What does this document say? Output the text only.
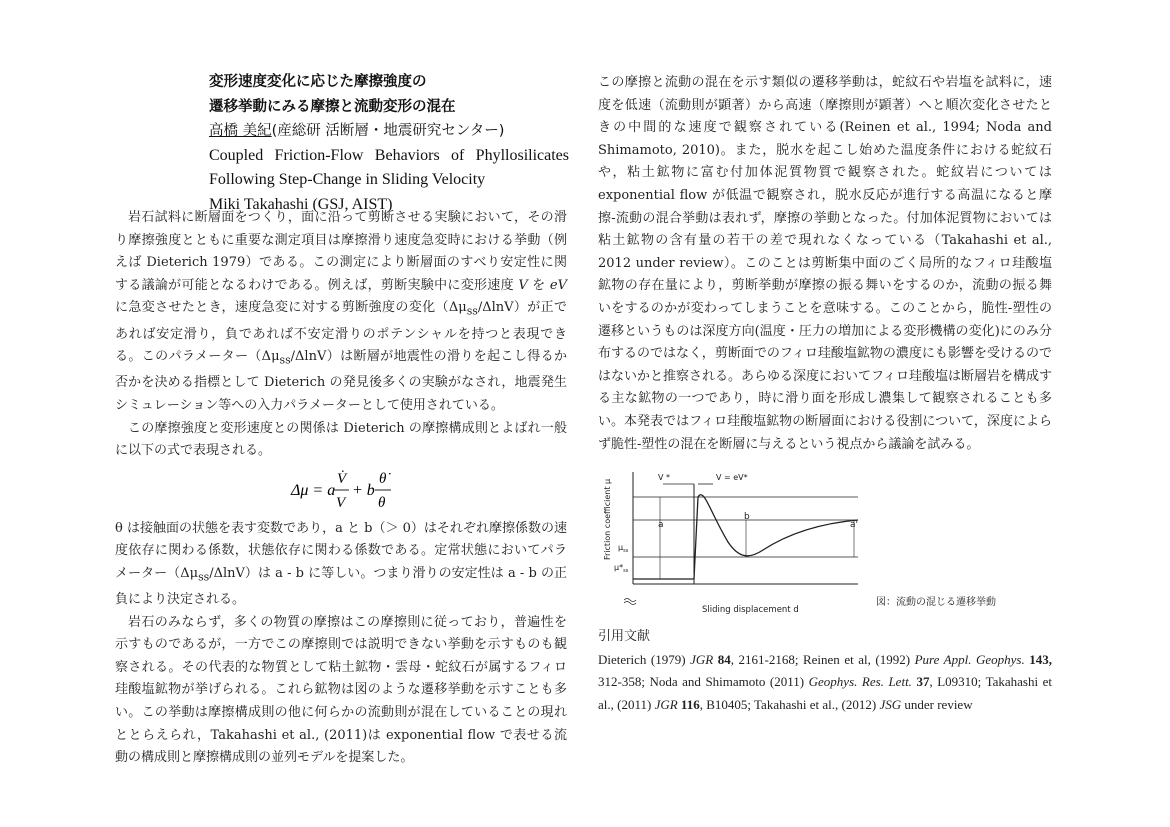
変形速度変化に応じた摩擦強度の
遷移挙動にみる摩擦と流動変形の混在
高橋 美紀(産総研 活断層・地震研究センター)
Coupled Friction-Flow Behaviors of Phyllosilicates
Following Step-Change in Sliding Velocity
Miki Takahashi (GSJ, AIST)

岩石試料に断層面をつくり，面に沿って剪断させる実験において，その滑り摩擦強度とともに重要な測定項目は摩擦滑り速度急変時における挙動（例えば Dieterich 1979）である。この測定により断層面のすべり安定性に関する議論が可能となるわけである。例えば，剪断実験中に変形速度 V を eV に急変させたとき，速度急変に対する剪断強度の変化$(\Delta\mu_{ss}/\Delta\ln V)$が正であれば安定滑り，負であれば不安定滑りのポテンシャルを持つと表現できる。このパラメーター$(\Delta\mu_{ss}/\Delta\ln V)$は断層が地震性の滑りを起こし得るか否かを決める指標として Dieterich の発見後多くの実験がなされ，地震発生シミュレーション等への入力パラメーターとして使用されている。

この摩擦強度と変形速度との関係は Dieterich の摩擦構成則とよばれ一般に以下の式で表現される。

Δμ = a
V̇
V
+ b
θ̇
θ

θ は接触面の状態を表す変数であり，a と b（＞ 0）はそれぞれ摩擦係数の速度依存に関わる係数，状態依存に関わる係数である。定常状態においてパラメーター$(\Delta\mu_{ss}/\Delta\ln V)$は a - b に等しい。つまり滑りの安定性は a - b の正負により決定される。

岩石のみならず，多くの物質の摩擦はこの摩擦則に従っており，普遍性を示すものであるが，一方でこの摩擦則では説明できない挙動を示すものも観察される。その代表的な物質として粘土鉱物・雲母・蛇紋石が属するフィロ珪酸塩鉱物が挙げられる。これら鉱物は図のような遷移挙動を示すことも多い。この挙動は摩擦構成則の他に何らかの流動則が混在していることの現れととらえられ，Takahashi et al., (2011)は exponential flow で表せる流動の構成則と摩擦構成則の並列モデルを提案した。

この摩擦と流動の混在を示す類似の遷移挙動は，蛇紋石や岩塩を試料に，速度を低速（流動則が顕著）から高速（摩擦則が顕著）へと順次変化させたときの中間的な速度で観察されている(Reinen et al., 1994; Noda and Shimamoto, 2010)。また，脱水を起こし始めた温度条件における蛇紋石や，粘土鉱物に富む付加体泥質物質で観察された。蛇紋岩については exponential flow が低温で観察され，脱水反応が進行する高温になると摩擦-流動の混合挙動は表れず，摩擦の挙動となった。付加体泥質物においては粘土鉱物の含有量の若干の差で現れなくなっている（Takahashi et al., 2012 under review）。このことは剪断集中面のごく局所的なフィロ珪酸塩鉱物の存在量により，剪断挙動が摩擦の振る舞いをするのか，流動の振る舞いをするのかが変わってしまうことを意味する。このことから，脆性-塑性の遷移というものは深度方向(温度・圧力の増加による変形機構の変化)にのみ分布するのではなく，剪断面でのフィロ珪酸塩鉱物の濃度にも影響を受けるのではないかと推察される。あらゆる深度においてフィロ珪酸塩は断層岩を構成する主な鉱物の一つであり，時に滑り面を形成し濃集して観察されることも多い。本発表ではフィロ珪酸塩鉱物の断層面における役割について，深度によらず脆性-塑性の混在を断層に与えるという視点から議論を試みる。

Friction coefficient μ
Sliding displacement d
V *	V = eV*
a
b
a'
$\mu_{ss}$
$\mu*_{ss}$
図：流動の混じる遷移挙動

引用文献

Dieterich (1979) JGR 84, 2161-2168; Reinen et al, (1992) Pure Appl. Geophys. 143, 312-358; Noda and Shimamoto (2011) Geophys. Res. Lett. 37, L09310; Takahashi et al., (2011) JGR 116, B10405; Takahashi et al., (2012) JSG under review
